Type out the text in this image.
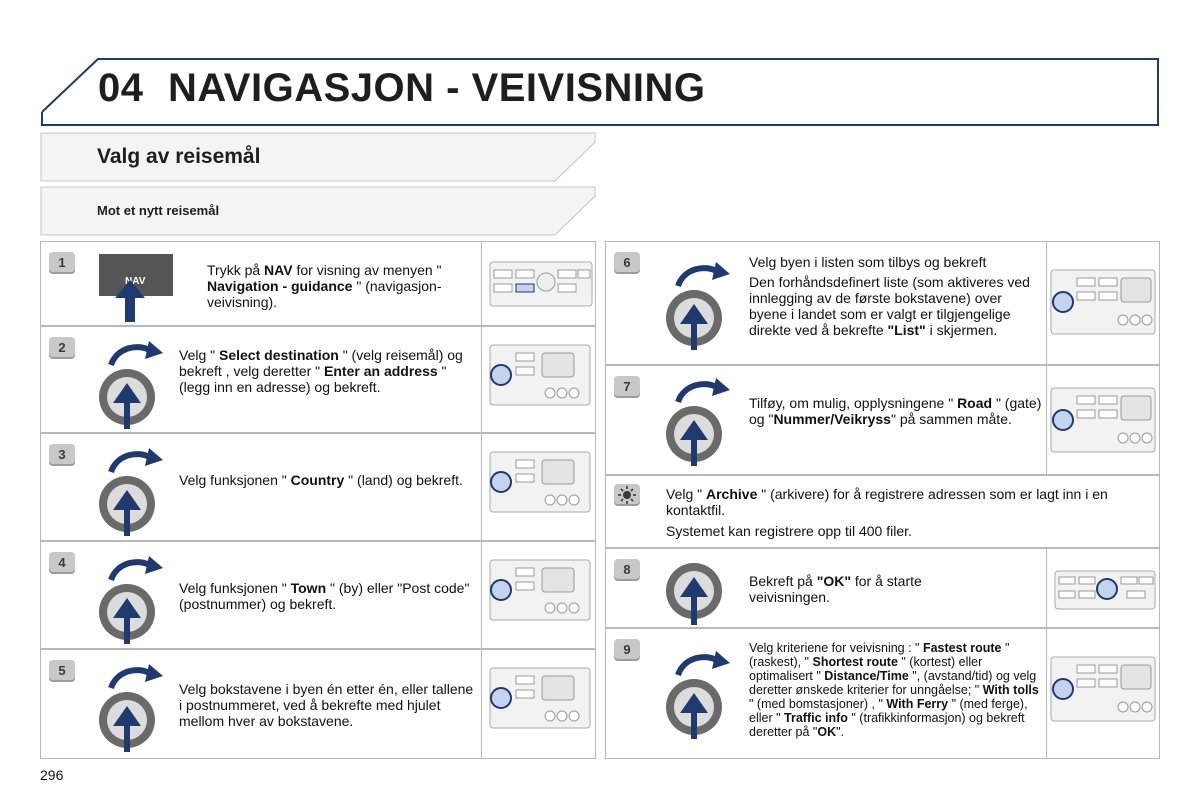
04 NAVIGASJON - VEIVISNING
Valg av reisemål
Mot et nytt reisemål
1
NAV
Trykk på NAV for visning av menyen " Navigation - guidance " (navigasjon-veivisning).
2	Velg " Select destination " (velg reisemål) og bekreft , velg deretter " Enter an address " (legg inn en adresse) og bekreft.
3
Velg funksjonen " Country " (land) og bekreft.
4
Velg funksjonen " Town " (by) eller "Post code" (postnummer) og bekreft.
5
Velg bokstavene i byen én etter én, eller tallene i postnummeret, ved å bekrefte med hjulet mellom hver av bokstavene.
6	Velg byen i listen som tilbys og bekreft
Den forhåndsdefinert liste (som aktiveres ved innlegging av de første bokstavene) over byene i landet som er valgt er tilgjengelige direkte ved å bekrefte "List" i skjermen.
7
Tilføy, om mulig, opplysningene " Road " (gate) og "Nummer/Veikryss" på sammen måte.
Velg " Archive " (arkivere) for å registrere adressen som er lagt inn i en kontaktfil.
Systemet kan registrere opp til 400 filer.
8
Bekreft på "OK" for å starte veivisningen.
9	Velg kriteriene for veivisning : " Fastest route " (raskest), " Shortest route " (kortest) eller optimalisert " Distance/Time ", (avstand/tid) og velg deretter ønskede kriterier for unngåelse; " With tolls " (med bomstasjoner) , " With Ferry " (med ferge), eller " Traffic info " (trafikkinformasjon) og bekreft deretter på "OK".
296
